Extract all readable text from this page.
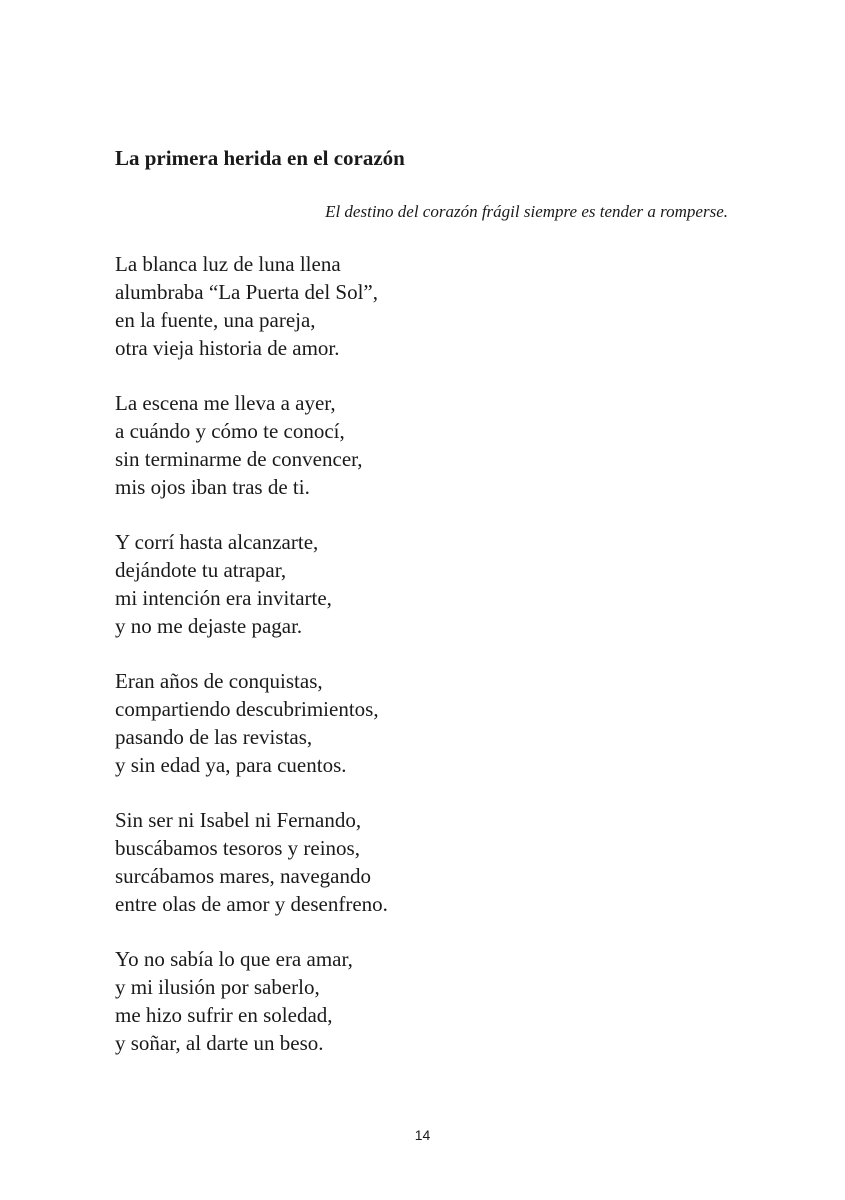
La primera herida en el corazón

El destino del corazón frágil siempre es tender a romperse.

La blanca luz de luna llena
alumbraba “La Puerta del Sol”,
en la fuente, una pareja,
otra vieja historia de amor.
La escena me lleva a ayer,
a cuándo y cómo te conocí,
sin terminarme de convencer,
mis ojos iban tras de ti.
Y corrí hasta alcanzarte,
dejándote tu atrapar,
mi intención era invitarte,
y no me dejaste pagar.
Eran años de conquistas,
compartiendo descubrimientos,
pasando de las revistas,
y sin edad ya, para cuentos.
Sin ser ni Isabel ni Fernando,
buscábamos tesoros y reinos,
surcábamos mares, navegando
entre olas de amor y desenfreno.
Yo no sabía lo que era amar,
y mi ilusión por saberlo,
me hizo sufrir en soledad,
y soñar, al darte un beso.
14
